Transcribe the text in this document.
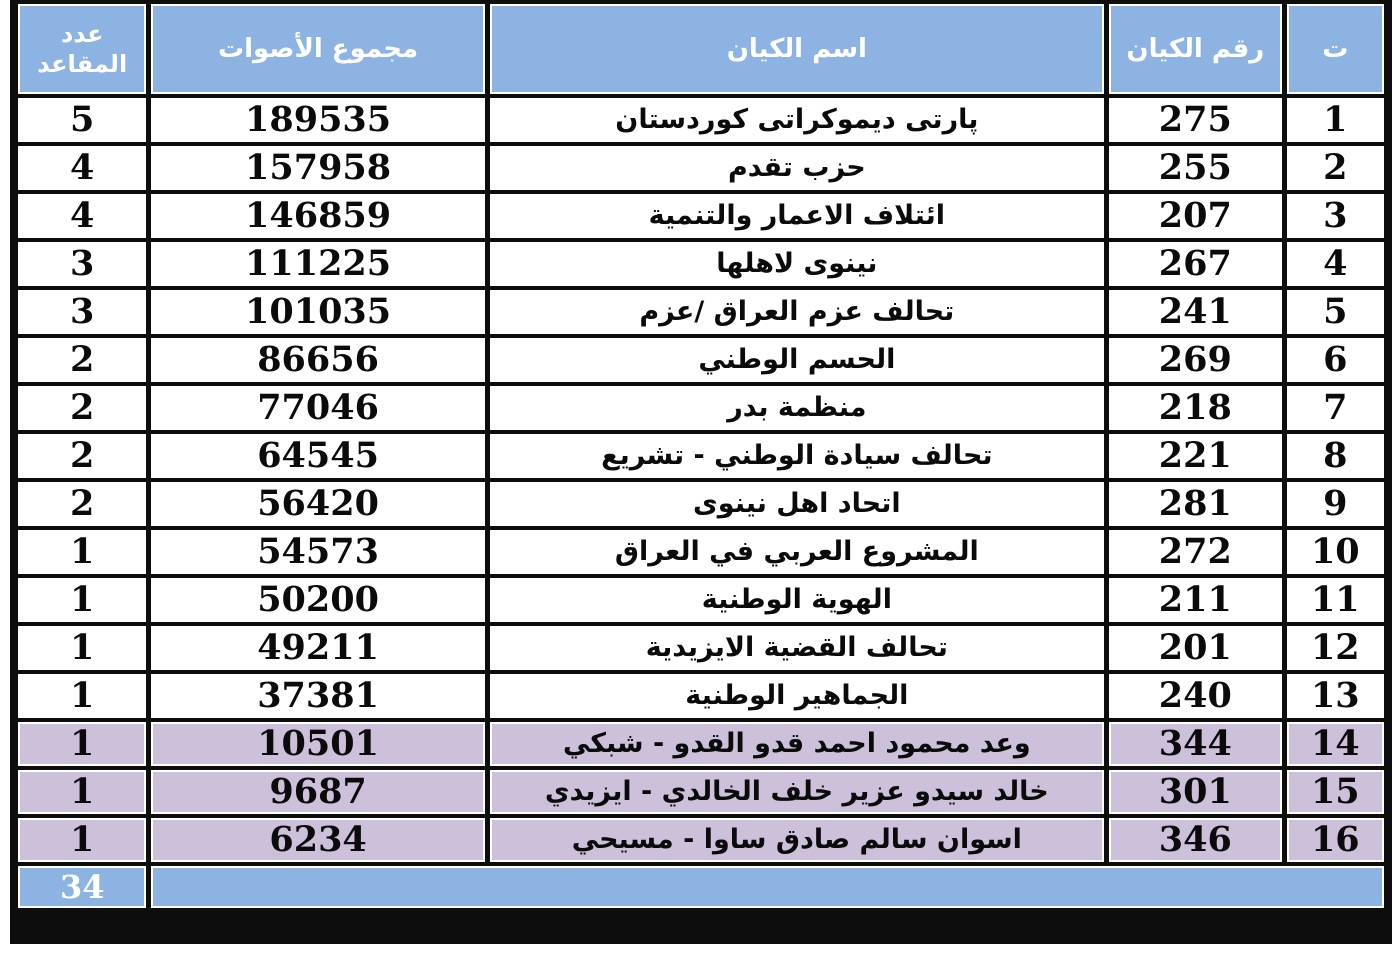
عدد
المقاعد	مجموع الأصوات	اسم الكيان	رقم الكيان	ت
5	189535	پارتی ديموكراتی كوردستان	275	1
4	157958	حزب تقدم	255	2
4	146859	ائتلاف الاعمار والتنمية	207	3
3	111225	نينوى لاهلها	267	4
3	101035	تحالف عزم العراق /عزم	241	5
2	86656	الحسم الوطني	269	6
2	77046	منظمة بدر	218	7
2	64545	تحالف سيادة الوطني - تشريع	221	8
2	56420	اتحاد اهل نينوى	281	9
1	54573	المشروع العربي في العراق	272	10
1	50200	الهوية الوطنية	211	11
1	49211	تحالف القضية الايزيدية	201	12
1	37381	الجماهير الوطنية	240	13
1	10501	وعد محمود احمد قدو القدو - شبكي	344	14
1	9687	خالد سيدو عزير خلف الخالدي - ايزيدي	301	15
1	6234	اسوان سالم صادق ساوا - مسيحي	346	16
34				
